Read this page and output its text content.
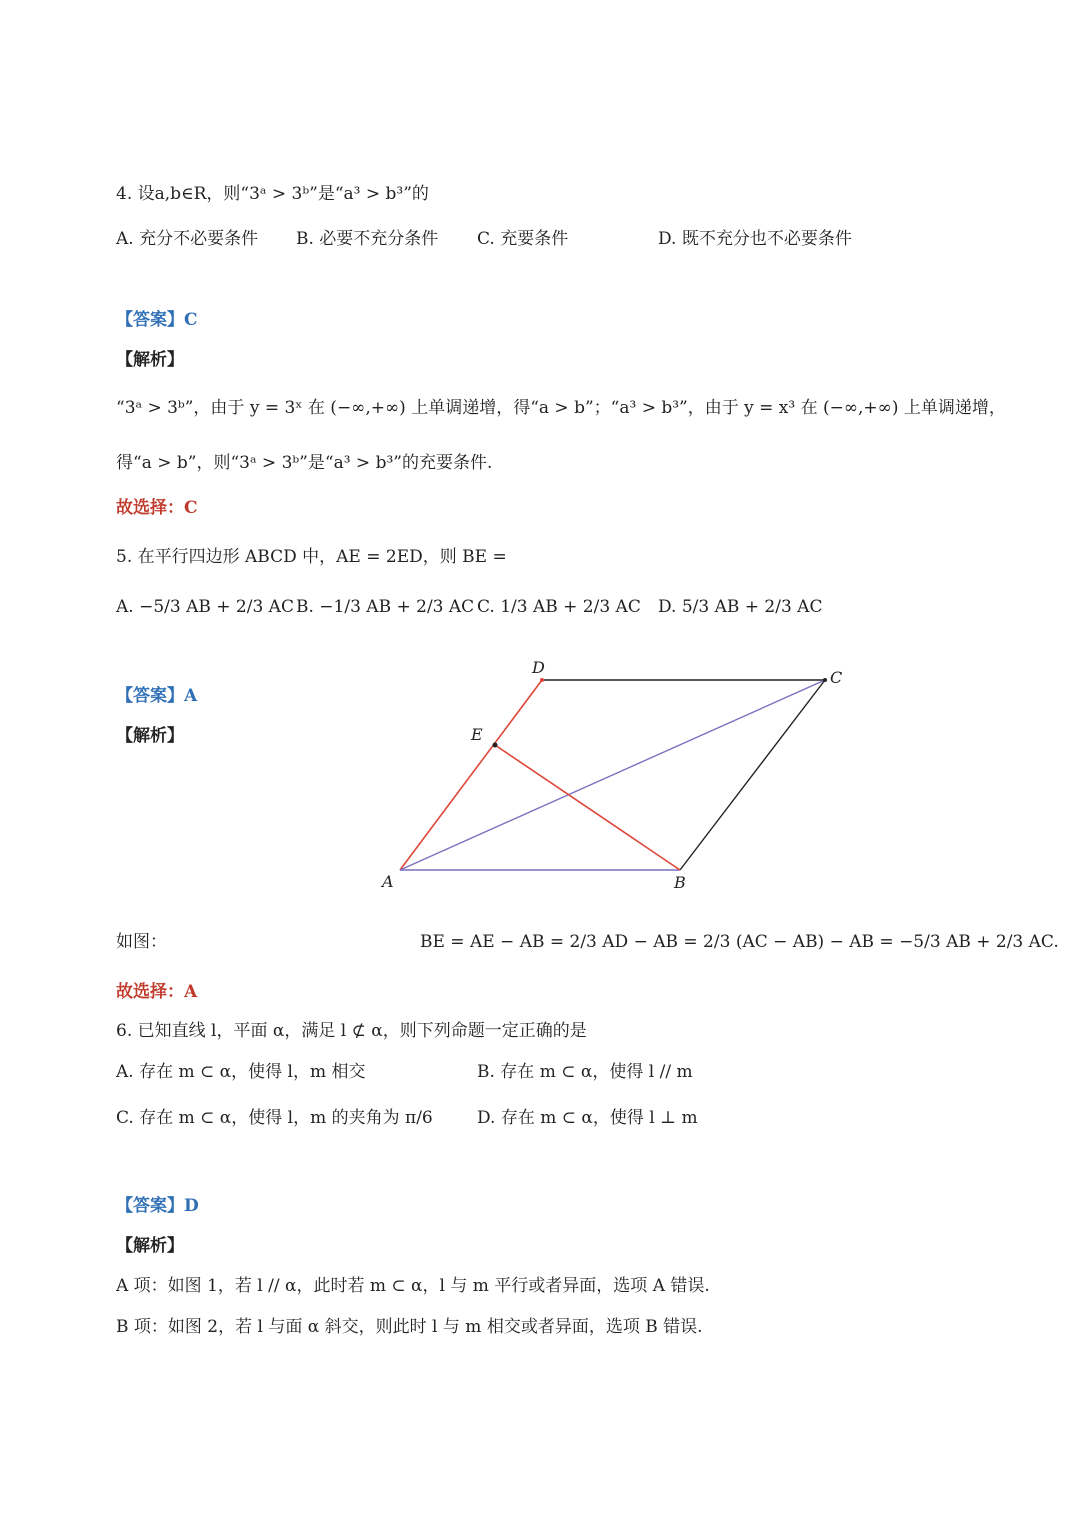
4. 设a,b∈R，则“3ᵃ > 3ᵇ”是“a³ > b³”的
A. 充分不必要条件 B. 必要不充分条件 C. 充要条件	D. 既不充分也不必要条件
【答案】C
【解析】
“3ᵃ > 3ᵇ”，由于 y = 3ˣ 在 (−∞,+∞) 上单调递增，得“a > b”；“a³ > b³”，由于 y = x³ 在 (−∞,+∞) 上单调递增，
得“a > b”，则“3ᵃ > 3ᵇ”是“a³ > b³”的充要条件.
故选择：C
5. 在平行四边形 ABCD 中，AE = 2ED，则 BE =
A. −5/3 AB + 2/3 AC B. −1/3 AB + 2/3 AC C. 1/3 AB + 2/3 AC D. 5/3 AB + 2/3 AC
【答案】A
【解析】
D
C
E
A	B
如图：	BE = AE − AB = 2/3 AD − AB = 2/3 (AC − AB) − AB = −5/3 AB + 2/3 AC.
故选择：A
6. 已知直线 l，平面 α，满足 l ⊄ α，则下列命题一定正确的是
A. 存在 m ⊂ α，使得 l，m 相交	B. 存在 m ⊂ α，使得 l // m
C. 存在 m ⊂ α，使得 l，m 的夹角为 π/6	D. 存在 m ⊂ α，使得 l ⊥ m
【答案】D
【解析】
A 项：如图 1，若 l // α，此时若 m ⊂ α，l 与 m 平行或者异面，选项 A 错误.
B 项：如图 2，若 l 与面 α 斜交，则此时 l 与 m 相交或者异面，选项 B 错误.
